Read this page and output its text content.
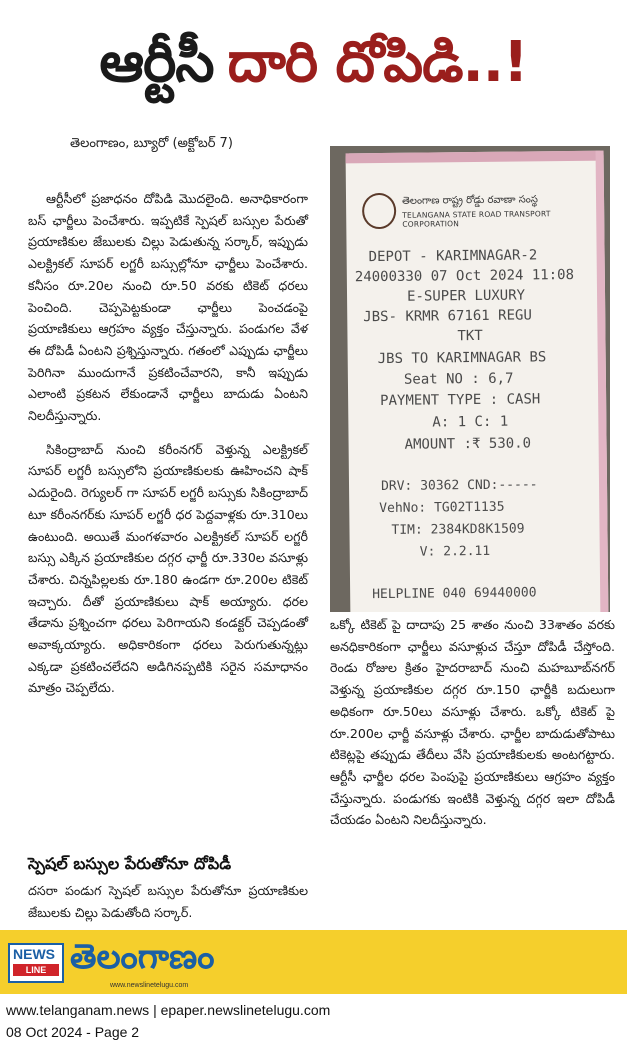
ఆర్టీసీ దారి దోపిడి..!
తెలంగాణం, బ్యూరో (అక్టోబర్ 7)

ఆర్టీసీలో ప్రజాధనం దోపిడి మొదలైంది. అనాధికారంగా బస్ ఛార్జీలు పెంచేశారు. ఇప్పటికే స్పెషల్ బస్సుల పేరుతో ప్రయాణికుల జేబులకు చిల్లు పెడుతున్న సర్కార్, ఇప్పుడు ఎలక్ట్రికల్ సూపర్ లగ్జరీ బస్సుల్లోనూ ఛార్జీలు పెంచేశారు. కనీసం రూ.20ల నుంచి రూ.50 వరకు టికెట్ ధరలు పెంచింది. చెప్పపెట్టకుండా ఛార్జీలు పెంచడంపై ప్రయాణికులు ఆగ్రహం వ్యక్తం చేస్తున్నారు. పండుగల వేళ ఈ దోపిడీ ఏంటని ప్రశ్నిస్తున్నారు. గతంలో ఎప్పుడు ఛార్జీలు పెరిగినా ముందుగానే ప్రకటించేవారని, కానీ ఇప్పుడు ఎలాంటి ప్రకటన లేకుండానే ఛార్జీలు బాదుడు ఏంటని నిలదీస్తున్నారు.

సికింద్రాబాద్ నుంచి కరీంనగర్ వెళ్తున్న ఎలక్ట్రికల్ సూపర్ లగ్జరీ బస్సులోని ప్రయాణికులకు ఊహించని షాక్ ఎదురైంది. రెగ్యులర్ గా సూపర్ లగ్జరీ బస్సుకు సికింద్రాబాద్ టూ కరీంనగర్‌కు సూపర్ లగ్జరీ ధర పెద్దవాళ్లకు రూ.310లు ఉంటుంది. అయితే మంగళవారం ఎలక్ట్రికల్ సూపర్ లగ్జరీ బస్సు ఎక్కిన ప్రయాణికుల దగ్గర ఛార్జీ రూ.330ల వసూళ్లు చేశారు. చిన్నపిల్లలకు రూ.180 ఉండగా రూ.200ల టికెట్ ఇచ్చారు. దీతో ప్రయాణికులు షాక్ అయ్యారు. ధరల తేడాను ప్రశ్నించగా ధరలు పెరిగాయని కండక్టర్ చెప్పడంతో అవాక్కయ్యారు. అధికారికంగా ధరలు పెరుగుతున్నట్లు ఎక్కడా ప్రకటించలేదని అడిగినప్పటికి సరైన సమాధానం మాత్రం చెప్పలేదు.

స్పెషల్ బస్సుల పేరుతోనూ దోపిడీ
దసరా పండుగ స్పెషల్ బస్సుల పేరుతోనూ ప్రయాణికుల జేబులకు చిల్లు పెడుతోంది సర్కార్.
తెలంగాణ రాష్ట్ర రోడ్డు రవాణా సంస్థ
TELANGANA STATE ROAD TRANSPORT CORPORATION
DEPOT - KARIMNAGAR-2
24000330 07 Oct 2024 11:08
E-SUPER LUXURY
JBS- KRMR 67161 REGU
TKT
JBS TO KARIMNAGAR BS
Seat NO : 6,7
PAYMENT TYPE : CASH
A: 1 C: 1
AMOUNT :₹ 530.0
DRV: 30362 CND:-----
VehNo: TG02T1135
TIM: 2384KD8K1509
V: 2.2.11
HELPLINE 040 69440000
ఒక్కో టికెట్ పై దాదాపు 25 శాతం నుంచి 33శాతం వరకు అనధికారికంగా ఛార్జీలు వసూళ్లుచ చేస్తూ దోపిడీ చేస్తోంది. రెండు రోజుల క్రితం హైదరాబాద్ నుంచి మహబూబ్‌నగర్ వెళ్తున్న ప్రయాణికుల దగ్గర రూ.150 ఛార్జీకి బదులుగా అధికంగా రూ.50లు వసూళ్లు చేశారు. ఒక్కో టికెట్ పై రూ.200ల ఛార్జీ వసూళ్లు చేశారు. ఛార్జీల బాదుడుతోపాటు టికెట్లపై తప్పుడు తేదీలు వేసి ప్రయాణికులకు అంటగట్టారు. ఆర్టీసీ ఛార్జీల ధరల పెంపుపై ప్రయాణికులు ఆగ్రహం వ్యక్తం చేస్తున్నారు. పండుగకు ఇంటికి వెళ్తున్న దగ్గర ఇలా దోపిడీ చేయడం ఏంటని నిలదీస్తున్నారు.
NEWS
LINE తెలంగాణం
www.newslinetelugu.com
www.telanganam.news | epaper.newslinetelugu.com
08 Oct 2024 - Page 2
